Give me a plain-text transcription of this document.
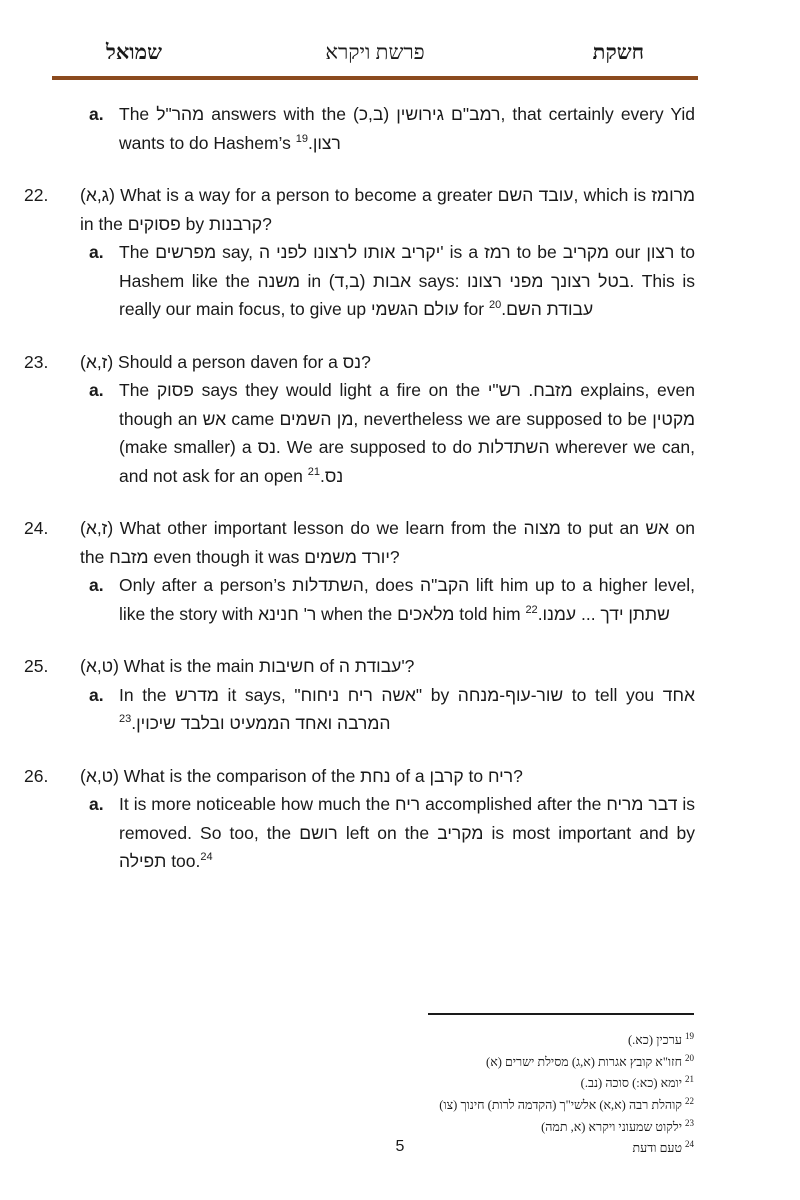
שמואל	פרשת ויקרא	חשקת
a. The מהר"ל answers with the רמב"ם גירושין (ב,כ), that certainly every Yid wants to do Hashem’s רצון.$^{19}$
22. (ג,א) What is a way for a person to become a greater עובד השם, which is מרומז in the פסוקים by קרבנות?
a. The מפרשים say, יקריב אותו לרצונו לפני ה' is a רמז to be מקריב our רצון to Hashem like the משנה in אבות (ב,ד) says: בטל רצונך מפני רצונו. This is really our main focus, to give up עולם הגשמי for עבודת השם.$^{20}$
23. (ז,א) Should a person daven for a נס?
a. The פסוק says they would light a fire on the מזבח. רש"י explains, even though an אש came מן השמים, nevertheless we are supposed to be מקטין (make smaller) a נס. We are supposed to do השתדלות wherever we can, and not ask for an open נס.$^{21}$
24. (ז,א) What other important lesson do we learn from the מצוה to put an אש on the מזבח even though it was יורד משמים?
a. Only after a person’s השתדלות, does הקב"ה lift him up to a higher level, like the story with ר' חנינא when the מלאכים told him שתתן ידך ... עמנו.$^{22}$
25. (ט,א) What is the main חשיבות of עבודת ה'?
a. In the מדרש it says, "אשה ריח ניחוח" by שור-עוף-מנחה to tell you אחד המרבה ואחד הממעיט ובלבד שיכוין.$^{23}$
26. (ט,א) What is the comparison of the נחת of a קרבן to ריח?
a. It is more noticeable how much the ריח accomplished after the דבר מריח is removed. So too, the רושם left on the מקריב is most important and by תפילה too.$^{24}$
$^{19}$ערכין (כא.)
$^{20}$חזו"א קובץ אגרות (א,ג) מסילת ישרים (א)
$^{21}$יומא (כא:) סוכה (נב.)
$^{22}$קוהלת רבה (א,א) אלשי"ך (הקדמה לרות) חינוך (צו)
$^{23}$ילקוט שמעוני ויקרא (א, תמה)
$^{24}$טעם ודעת
5
